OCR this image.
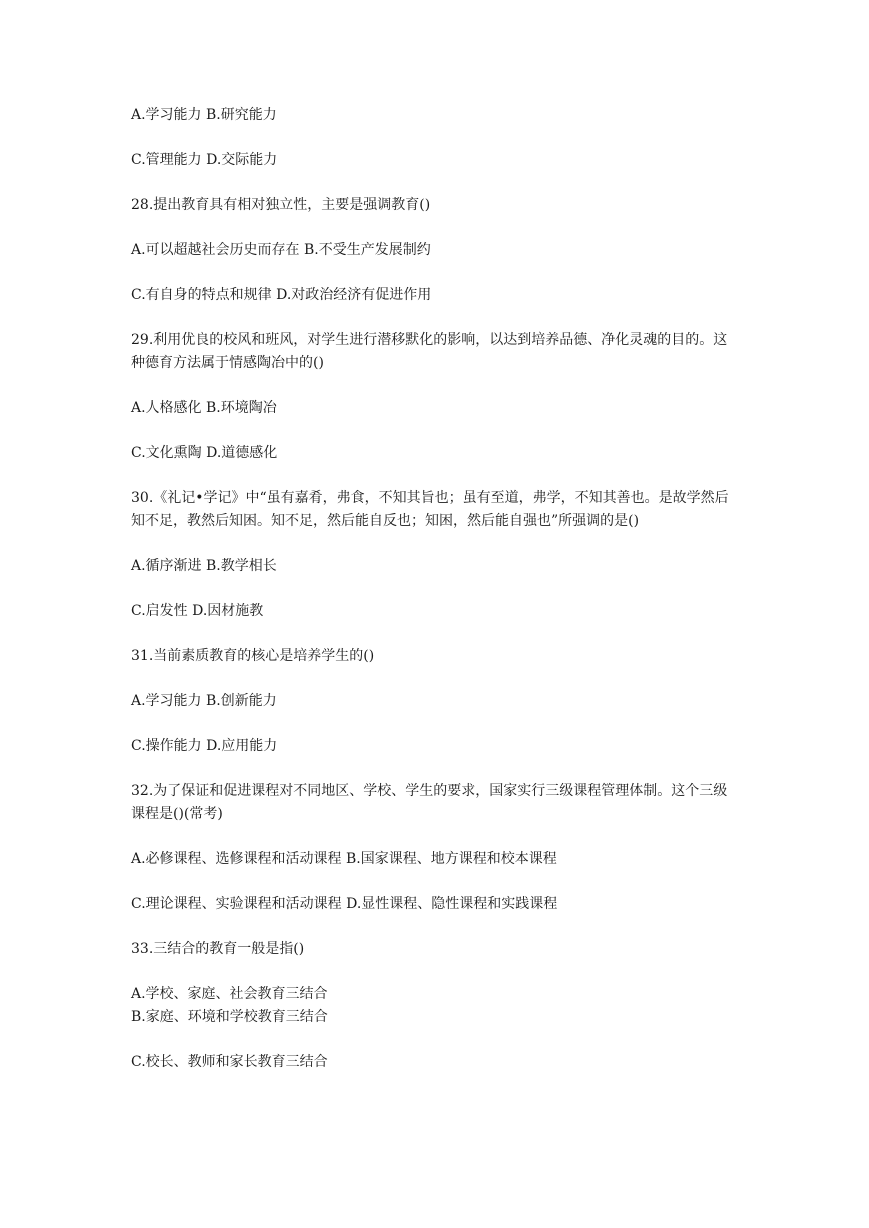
A.学习能力 B.研究能力

C.管理能力 D.交际能力

28.提出教育具有相对独立性，主要是强调教育()

A.可以超越社会历史而存在 B.不受生产发展制约

C.有自身的特点和规律 D.对政治经济有促进作用

29.利用优良的校风和班风，对学生进行潜移默化的影响，以达到培养品德、净化灵魂的目的。这种德育方法属于情感陶冶中的()

A.人格感化 B.环境陶冶

C.文化熏陶 D.道德感化

30.《礼记•学记》中“虽有嘉肴，弗食，不知其旨也；虽有至道，弗学，不知其善也。是故学然后知不足，教然后知困。知不足，然后能自反也；知困，然后能自强也”所强调的是()

A.循序渐进 B.教学相长

C.启发性 D.因材施教

31.当前素质教育的核心是培养学生的()

A.学习能力 B.创新能力

C.操作能力 D.应用能力

32.为了保证和促进课程对不同地区、学校、学生的要求，国家实行三级课程管理体制。这个三级课程是()(常考)

A.必修课程、选修课程和活动课程 B.国家课程、地方课程和校本课程

C.理论课程、实验课程和活动课程 D.显性课程、隐性课程和实践课程

33.三结合的教育一般是指()

A.学校、家庭、社会教育三结合

B.家庭、环境和学校教育三结合

C.校长、教师和家长教育三结合
